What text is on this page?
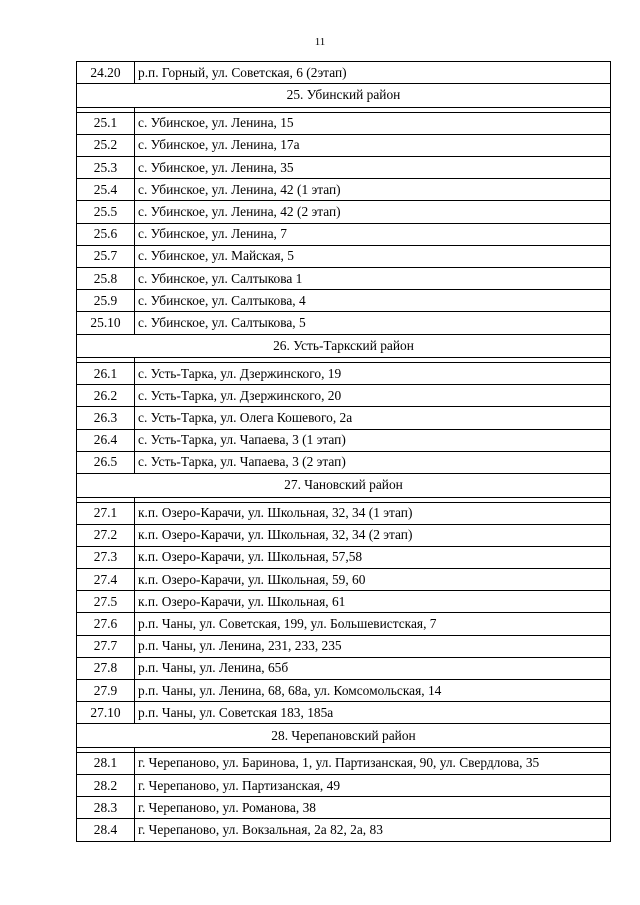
11
24.20	р.п. Горный, ул. Советская, 6 (2этап)
25. Убинский район	

25.1	с. Убинское, ул. Ленина, 15
25.2	с. Убинское, ул. Ленина, 17а
25.3	с. Убинское, ул. Ленина, 35
25.4	с. Убинское, ул. Ленина, 42 (1 этап)
25.5	с. Убинское, ул. Ленина, 42 (2 этап)
25.6	с. Убинское, ул. Ленина, 7
25.7	с. Убинское, ул. Майская, 5
25.8	с. Убинское, ул. Салтыкова 1
25.9	с. Убинское, ул. Салтыкова, 4
25.10	с. Убинское, ул. Салтыкова, 5
26. Усть-Таркский район	

26.1	с. Усть-Тарка, ул. Дзержинского, 19
26.2	с. Усть-Тарка, ул. Дзержинского, 20
26.3	с. Усть-Тарка, ул. Олега Кошевого, 2а
26.4	с. Усть-Тарка, ул. Чапаева, 3 (1 этап)
26.5	с. Усть-Тарка, ул. Чапаева, 3 (2 этап)
27. Чановский район	

27.1	к.п. Озеро-Карачи, ул. Школьная, 32, 34 (1 этап)
27.2	к.п. Озеро-Карачи, ул. Школьная, 32, 34 (2 этап)
27.3	к.п. Озеро-Карачи, ул. Школьная, 57,58
27.4	к.п. Озеро-Карачи, ул. Школьная, 59, 60
27.5	к.п. Озеро-Карачи, ул. Школьная, 61
27.6	р.п. Чаны, ул. Советская, 199, ул. Большевистская, 7
27.7	р.п. Чаны, ул. Ленина, 231, 233, 235
27.8	р.п. Чаны, ул. Ленина, 65б
27.9	р.п. Чаны, ул. Ленина, 68, 68а, ул. Комсомольская, 14
27.10	р.п. Чаны, ул. Советская 183, 185а
28. Черепановский район	

28.1	г. Черепаново, ул. Баринова, 1, ул. Партизанская, 90, ул. Свердлова, 35
28.2	г. Черепаново, ул. Партизанская, 49
28.3	г. Черепаново, ул. Романова, 38
28.4	г. Черепаново, ул. Вокзальная, 2а 82, 2а, 83
